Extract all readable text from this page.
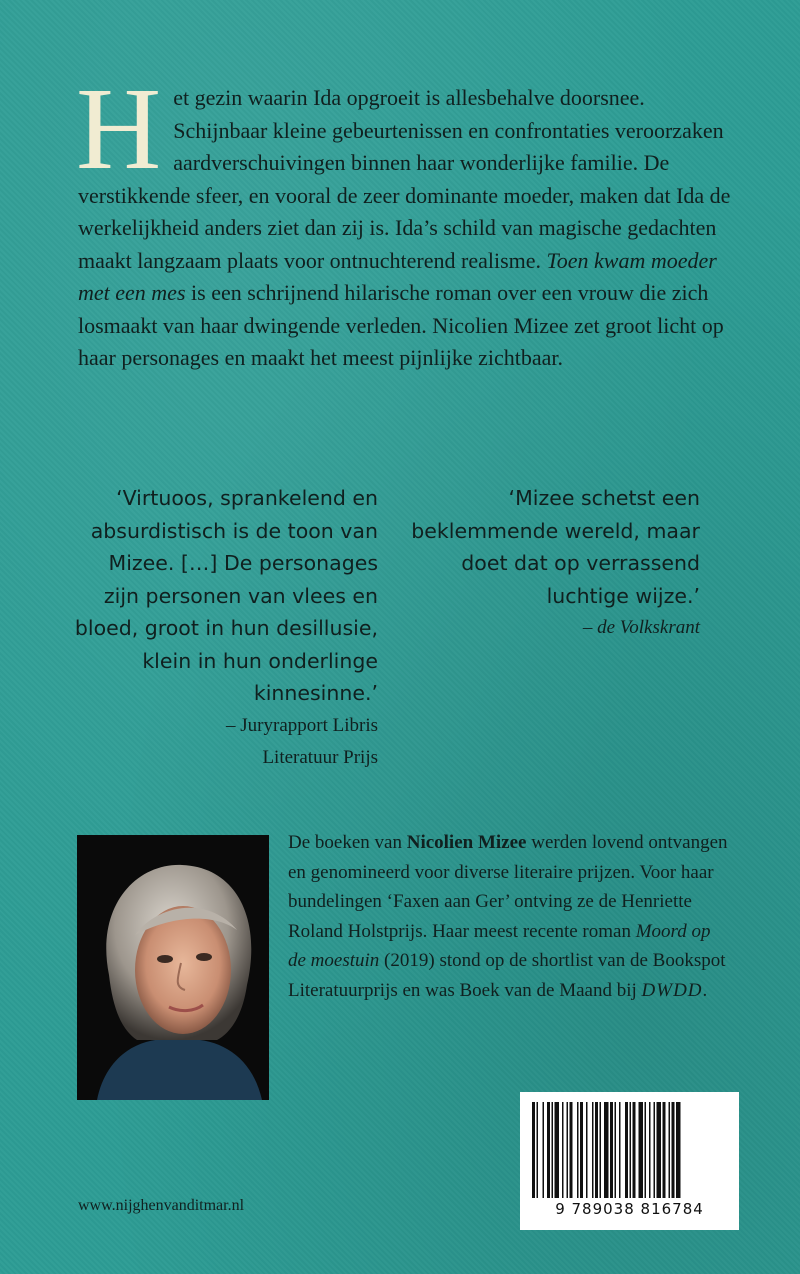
Het gezin waarin Ida opgroeit is allesbehalve doorsnee. Schijnbaar kleine gebeurtenissen en confrontaties veroorzaken aardverschuivingen binnen haar wonderlijke familie. De verstikkende sfeer, en vooral de zeer dominante moeder, maken dat Ida de werkelijkheid anders ziet dan zij is. Ida’s schild van magische gedachten maakt langzaam plaats voor ontnuchterend realisme. Toen kwam moeder met een mes is een schrijnend hilarische roman over een vrouw die zich losmaakt van haar dwingende verleden. Nicolien Mizee zet groot licht op haar personages en maakt het meest pijnlijke zichtbaar.

‘Virtuoos, sprankelend en absurdistisch is de toon van Mizee. […] De personages zijn personen van vlees en bloed, groot in hun desillusie, klein in hun onderlinge kinnesinne.’
– Juryrapport Libris
Literatuur Prijs
‘Mizee schetst een beklemmende wereld, maar doet dat op verrassend luchtige wijze.’
– de Volkskrant
De boeken van Nicolien Mizee werden lovend ontvangen en genomineerd voor diverse literaire prijzen. Voor haar bundelingen ‘Faxen aan Ger’ ontving ze de Henriette Roland Holstprijs. Haar meest recente roman Moord op de moestuin (2019) stond op de shortlist van de Bookspot Literatuurprijs en was Boek van de Maand bij DWDD.
www.nijghenvanditmar.nl	9 789038 816784
